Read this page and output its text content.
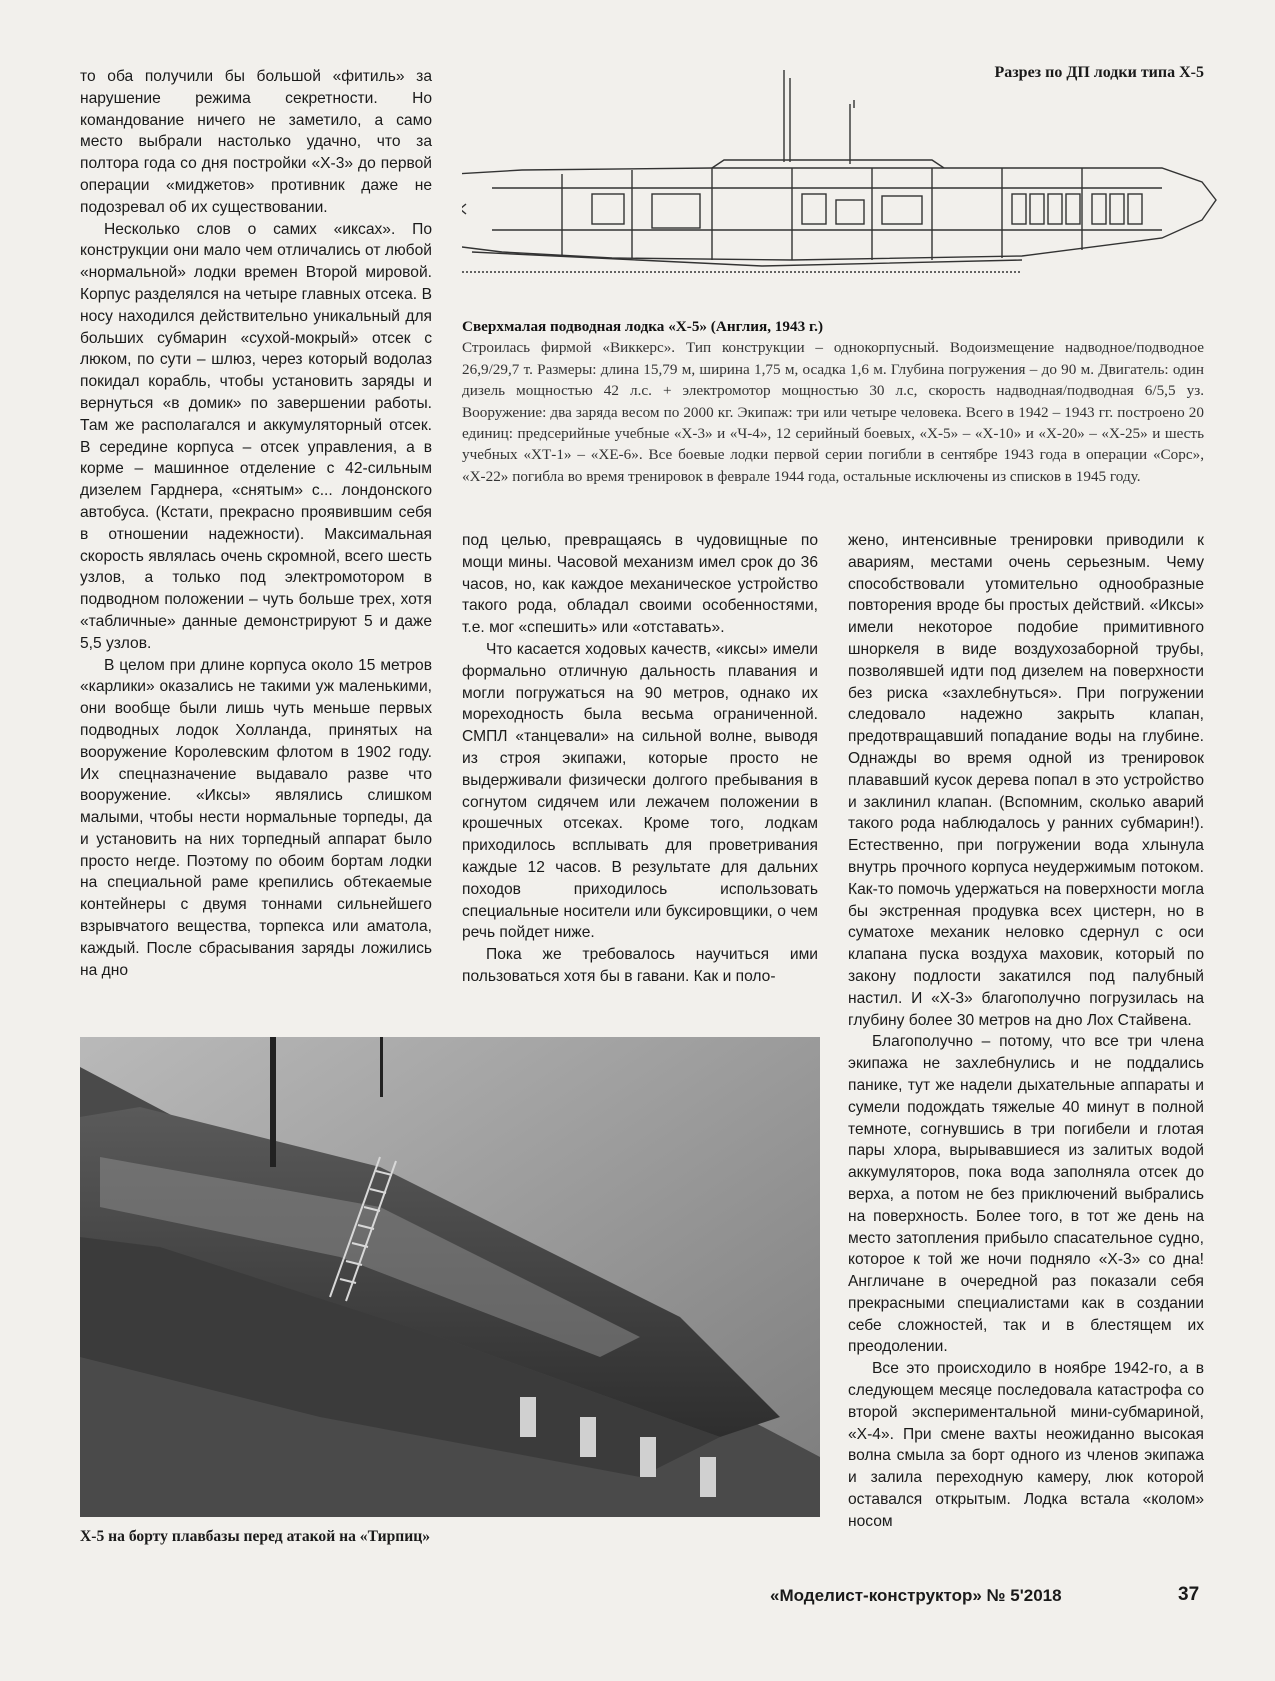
то оба получили бы большой «фитиль» за нарушение режима секретности. Но командование ничего не заметило, а само место выбрали настолько удачно, что за полтора года со дня постройки «Х-3» до первой операции «миджетов» противник даже не подозревал об их существовании.

Несколько слов о самих «иксах». По конструкции они мало чем отличались от любой «нормальной» лодки времен Второй мировой. Корпус разделялся на четыре главных отсека. В носу находился действительно уникальный для больших субмарин «сухой-мокрый» отсек с люком, по сути – шлюз, через который водолаз покидал корабль, чтобы установить заряды и вернуться «в домик» по завершении работы. Там же располагался и аккумуляторный отсек. В середине корпуса – отсек управления, а в корме – машинное отделение с 42-сильным дизелем Гарднера, «снятым» с... лондонского автобуса. (Кстати, прекрасно проявившим себя в отношении надежности). Максимальная скорость являлась очень скромной, всего шесть узлов, а только под электромотором в подводном положении – чуть больше трех, хотя «табличные» данные демонстрируют 5 и даже 5,5 узлов.

В целом при длине корпуса около 15 метров «карлики» оказались не такими уж маленькими, они вообще были лишь чуть меньше первых подводных лодок Холланда, принятых на вооружение Королевским флотом в 1902 году. Их спецназначение выдавало разве что вооружение. «Иксы» являлись слишком малыми, чтобы нести нормальные торпеды, да и установить на них торпедный аппарат было просто негде. Поэтому по обоим бортам лодки на специальной раме крепились обтекаемые контейнеры с двумя тоннами сильнейшего взрывчатого вещества, торпекса или аматола, каждый. После сбрасывания заряды ложились на дно

Разрез по ДП лодки типа Х-5
Сверхмалая подводная лодка «Х-5» (Англия, 1943 г.)
Строилась фирмой «Виккерс». Тип конструкции – однокорпусный. Водоизмещение надводное/подводное 26,9/29,7 т. Размеры: длина 15,79 м, ширина 1,75 м, осадка 1,6 м. Глубина погружения – до 90 м. Двигатель: один дизель мощностью 42 л.с. + электромотор мощностью 30 л.с, скорость надводная/подводная 6/5,5 уз. Вооружение: два заряда весом по 2000 кг. Экипаж: три или четыре человека. Всего в 1942 – 1943 гг. построено 20 единиц: предсерийные учебные «Х-3» и «Ч-4», 12 серийный боевых, «Х-5» – «Х-10» и «Х-20» – «Х-25» и шесть учебных «ХТ-1» – «ХЕ-6». Все боевые лодки первой серии погибли в сентябре 1943 года в операции «Сорс», «Х-22» погибла во время тренировок в феврале 1944 года, остальные исключены из списков в 1945 году.

под целью, превращаясь в чудовищные по мощи мины. Часовой механизм имел срок до 36 часов, но, как каждое механическое устройство такого рода, обладал своими особенностями, т.е. мог «спешить» или «отставать».

Что касается ходовых качеств, «иксы» имели формально отличную дальность плавания и могли погружаться на 90 метров, однако их мореходность была весьма ограниченной. СМПЛ «танцевали» на сильной волне, выводя из строя экипажи, которые просто не выдерживали физически долгого пребывания в согнутом сидячем или лежачем положении в крошечных отсеках. Кроме того, лодкам приходилось всплывать для проветривания каждые 12 часов. В результате для дальних походов приходилось использовать специальные носители или буксировщики, о чем речь пойдет ниже.

Пока же требовалось научиться ими пользоваться хотя бы в гавани. Как и поло-

жено, интенсивные тренировки приводили к авариям, местами очень серьезным. Чему способствовали утомительно однообразные повторения вроде бы простых действий. «Иксы» имели некоторое подобие примитивного шноркеля в виде воздухозаборной трубы, позволявшей идти под дизелем на поверхности без риска «захлебнуться». При погружении следовало надежно закрыть клапан, предотвращавший попадание воды на глубине. Однажды во время одной из тренировок плававший кусок дерева попал в это устройство и заклинил клапан. (Вспомним, сколько аварий такого рода наблюдалось у ранних субмарин!). Естественно, при погружении вода хлынула внутрь прочного корпуса неудержимым потоком. Как-то помочь удержаться на поверхности могла бы экстренная продувка всех цистерн, но в суматохе механик неловко сдернул с оси клапана пуска воздуха маховик, который по закону подлости закатился под палубный настил. И «Х-3» благополучно погрузилась на глубину более 30 метров на дно Лох Стайвена.

Благополучно – потому, что все три члена экипажа не захлебнулись и не поддались панике, тут же надели дыхательные аппараты и сумели подождать тяжелые 40 минут в полной темноте, согнувшись в три погибели и глотая пары хлора, вырывавшиеся из залитых водой аккумуляторов, пока вода заполняла отсек до верха, а потом не без приключений выбрались на поверхность. Более того, в тот же день на место затопления прибыло спасательное судно, которое к той же ночи подняло «Х-3» со дна! Англичане в очередной раз показали себя прекрасными специалистами как в создании себе сложностей, так и в блестящем их преодолении.

Все это происходило в ноябре 1942-го, а в следующем месяце последовала катастрофа со второй экспериментальной мини-субмариной, «Х-4». При смене вахты неожиданно высокая волна смыла за борт одного из членов экипажа и залила переходную камеру, люк которой оставался открытым. Лодка встала «колом» носом

Х-5 на борту плавбазы перед атакой на «Тирпиц»
«Моделист-конструктор» № 5'2018	37
